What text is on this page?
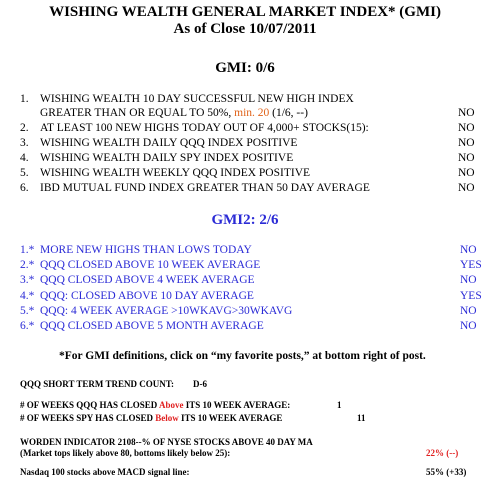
WISHING WEALTH GENERAL MARKET INDEX* (GMI)
As of Close 10/07/2011
GMI: 0/6
1. WISHING WEALTH 10 DAY SUCCESSFUL NEW HIGH INDEX
GREATER THAN OR EQUAL TO 50%, min. 20 (1/6, --)	NO
2. AT LEAST 100 NEW HIGHS TODAY OUT OF 4,000+ STOCKS(15):	NO
3. WISHING WEALTH DAILY QQQ INDEX POSITIVE	NO
4. WISHING WEALTH DAILY SPY INDEX POSITIVE	NO
5. WISHING WEALTH WEEKLY QQQ INDEX POSITIVE	NO
6. IBD MUTUAL FUND INDEX GREATER THAN 50 DAY AVERAGE	NO
GMI2: 2/6
1.* MORE NEW HIGHS THAN LOWS TODAY	NO
2.* QQQ CLOSED ABOVE 10 WEEK AVERAGE	YES
3.* QQQ CLOSED ABOVE 4 WEEK AVERAGE	NO
4.* QQQ: CLOSED ABOVE 10 DAY AVERAGE	YES
5.* QQQ: 4 WEEK AVERAGE >10WKAVG>30WKAVG	NO
6.* QQQ CLOSED ABOVE 5 MONTH AVERAGE	NO
*For GMI definitions, click on “my favorite posts,” at bottom right of post.
QQQ SHORT TERM TREND COUNT: D-6
# OF WEEKS QQQ HAS CLOSED Above ITS 10 WEEK AVERAGE:	1
# OF WEEKS SPY HAS CLOSED Below ITS 10 WEEK AVERAGE	11
WORDEN INDICATOR 2108--% OF NYSE STOCKS ABOVE 40 DAY MA
(Market tops likely above 80, bottoms likely below 25):	22% (--)
Nasdaq 100 stocks above MACD signal line:	55% (+33)
